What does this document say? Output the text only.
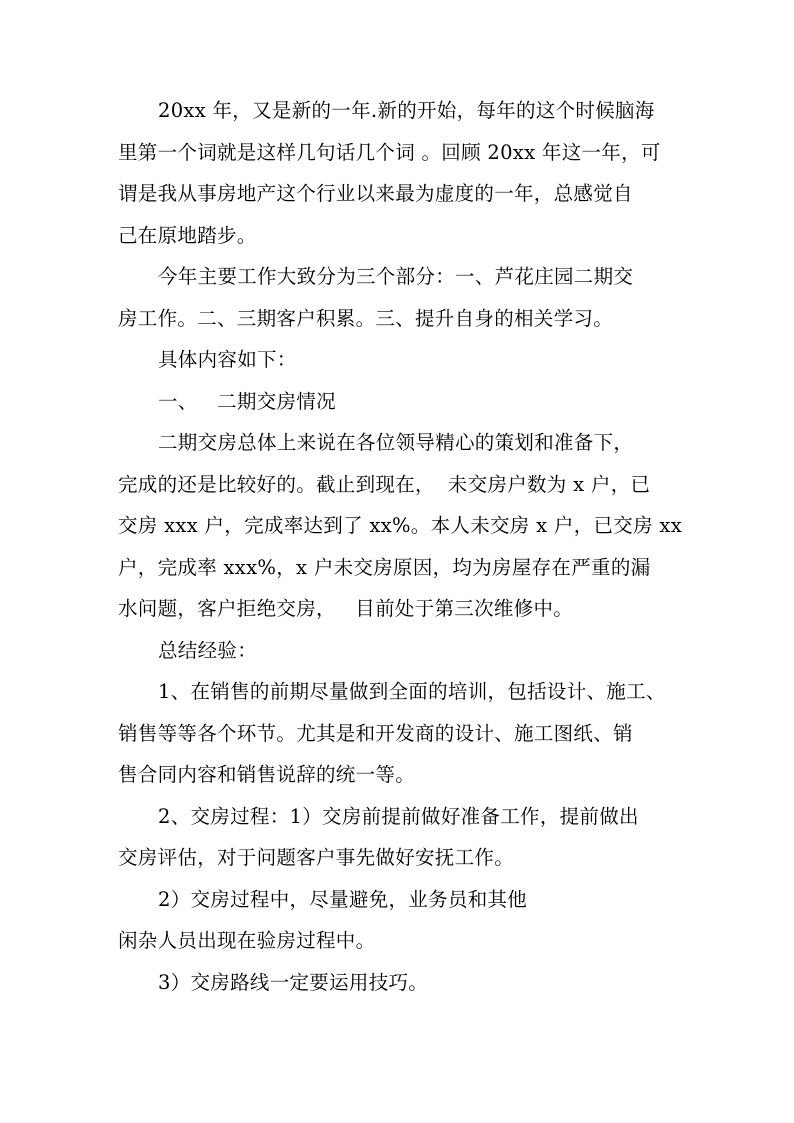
20xx 年，又是新的一年.新的开始，每年的这个时候脑海
里第一个词就是这样几句话几个词 。回顾 20xx 年这一年，可
谓是我从事房地产这个行业以来最为虚度的一年，总感觉自
己在原地踏步。
今年主要工作大致分为三个部分：一、芦花庄园二期交
房工作。二、三期客户积累。三、提升自身的相关学习。
具体内容如下：
一、   二期交房情况
二期交房总体上来说在各位领导精心的策划和准备下，
完成的还是比较好的。截止到现在，  未交房户数为 x 户，已
交房 xxx 户，完成率达到了 xx%。本人未交房 x 户，已交房 xx
户，完成率 xxx%，x 户未交房原因，均为房屋存在严重的漏
水问题，客户拒绝交房，   目前处于第三次维修中。
总结经验：
1、在销售的前期尽量做到全面的培训，包括设计、施工、
销售等等各个环节。尤其是和开发商的设计、施工图纸、销
售合同内容和销售说辞的统一等。
2、交房过程：1）交房前提前做好准备工作，提前做出
交房评估，对于问题客户事先做好安抚工作。
2）交房过程中，尽量避免，业务员和其他
闲杂人员出现在验房过程中。
3）交房路线一定要运用技巧。
